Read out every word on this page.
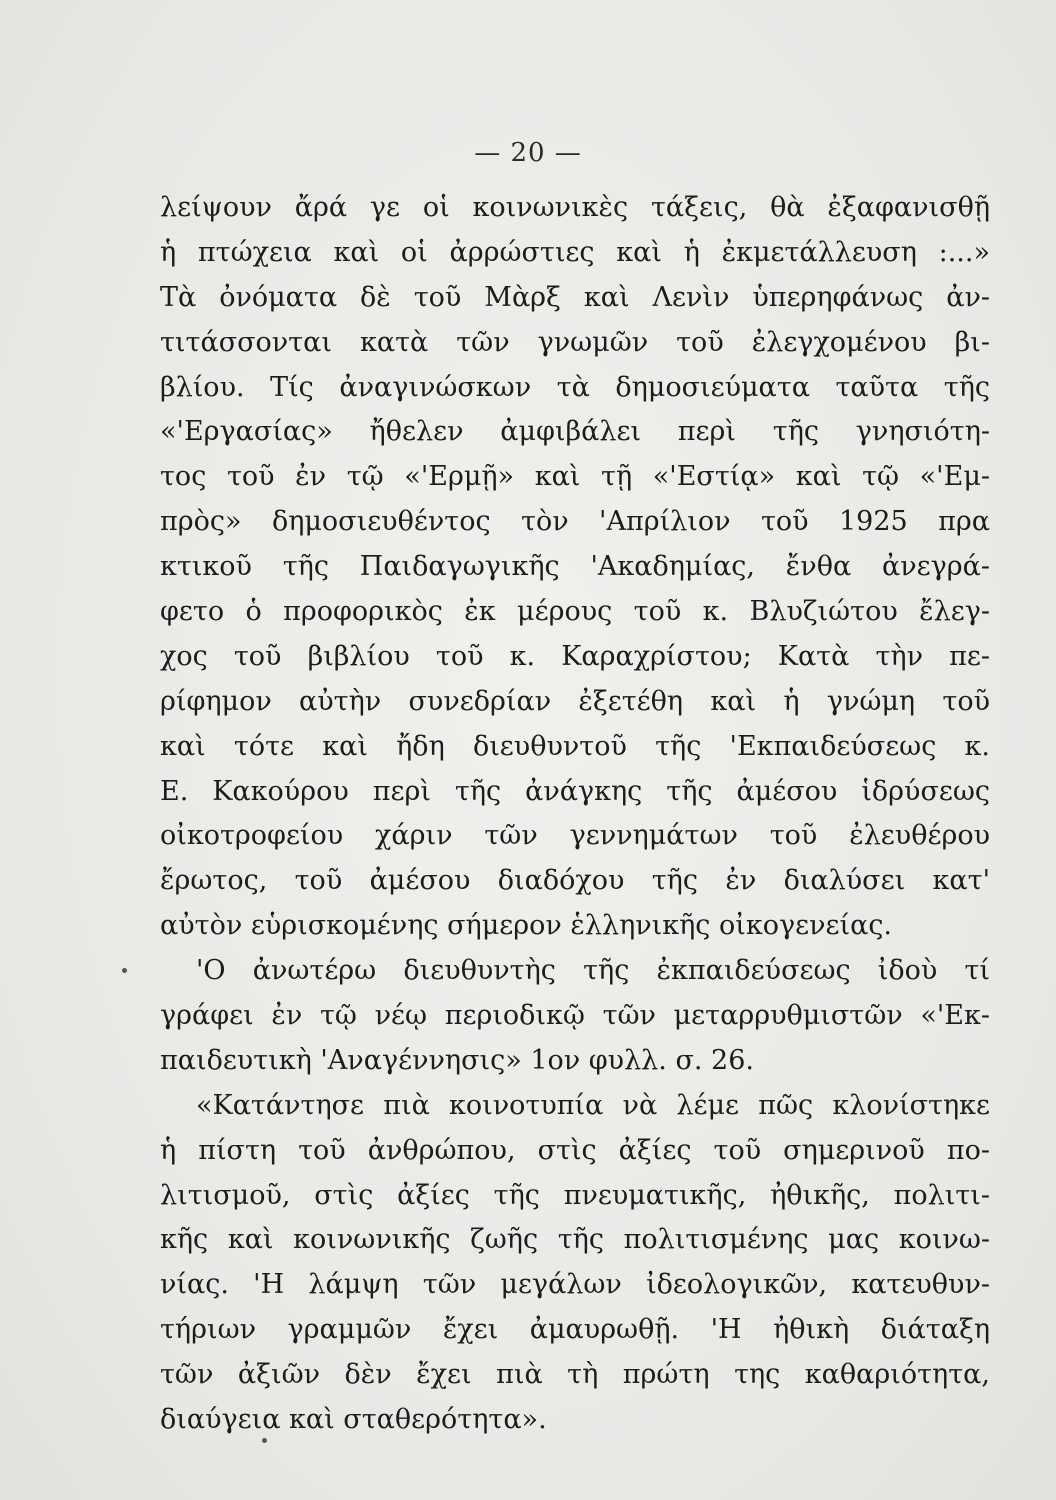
— 20 —
λείψουν ἄρά γε οἱ κοινωνικὲς τάξεις, θὰ ἐξαφανισθῇ
ἡ πτώχεια καὶ οἱ ἀρρώστιες καὶ ἡ ἐκμετάλλευση :...»
Τὰ ὀνόματα δὲ τοῦ Μὰρξ καὶ Λενὶν ὑπερηφάνως ἀν-
τιτάσσονται κατὰ τῶν γνωμῶν τοῦ ἐλεγχομένου βι-
βλίου. Τίς ἀναγινώσκων τὰ δημοσιεύματα ταῦτα τῆς
«'Εργασίας» ἤθελεν ἀμφιβάλει περὶ τῆς γνησιότη-
τος τοῦ ἐν τῷ «'Ερμῇ» καὶ τῇ «'Εστίᾳ» καὶ τῷ «'Εμ-
πρὸς» δημοσιευθέντος τὸν 'Απρίλιον τοῦ 1925 πρα
κτικοῦ τῆς Παιδαγωγικῆς 'Ακαδημίας, ἔνθα ἀνεγρά-
φετο ὁ προφορικὸς ἐκ μέρους τοῦ κ. Βλυζιώτου ἔλεγ-
χος τοῦ βιβλίου τοῦ κ. Καραχρίστου; Κατὰ τὴν πε-
ρίφημον αὐτὴν συνεδρίαν ἐξετέθη καὶ ἡ γνώμη τοῦ
καὶ τότε καὶ ἤδη διευθυντοῦ τῆς 'Εκπαιδεύσεως κ.
Ε. Κακούρου περὶ τῆς ἀνάγκης τῆς ἀμέσου ἱδρύσεως
οἰκοτροφείου χάριν τῶν γεννημάτων τοῦ ἐλευθέρου
ἔρωτος, τοῦ ἀμέσου διαδόχου τῆς ἐν διαλύσει κατ'
αὐτὸν εὑρισκομένης σήμερον ἑλληνικῆς οἰκογενείας.
'Ο ἀνωτέρω διευθυντὴς τῆς ἐκπαιδεύσεως ἰδοὺ τί
γράφει ἐν τῷ νέῳ περιοδικῷ τῶν μεταρρυθμιστῶν «'Εκ-
παιδευτικὴ 'Αναγέννησις» 1ον φυλλ. σ. 26.
«Κατάντησε πιὰ κοινοτυπία νὰ λέμε πῶς κλονίστηκε
ἡ πίστη τοῦ ἀνθρώπου, στὶς ἀξίες τοῦ σημερινοῦ πο-
λιτισμοῦ, στὶς ἀξίες τῆς πνευματικῆς, ἠθικῆς, πολιτι-
κῆς καὶ κοινωνικῆς ζωῆς τῆς πολιτισμένης μας κοινω-
νίας. 'Η λάμψη τῶν μεγάλων ἰδεολογικῶν, κατευθυν-
τήριων γραμμῶν ἔχει ἀμαυρωθῇ. 'Η ἠθικὴ διάταξη
τῶν ἀξιῶν δὲν ἔχει πιὰ τὴ πρώτη της καθαριότητα,
διαύγεια καὶ σταθερότητα».
